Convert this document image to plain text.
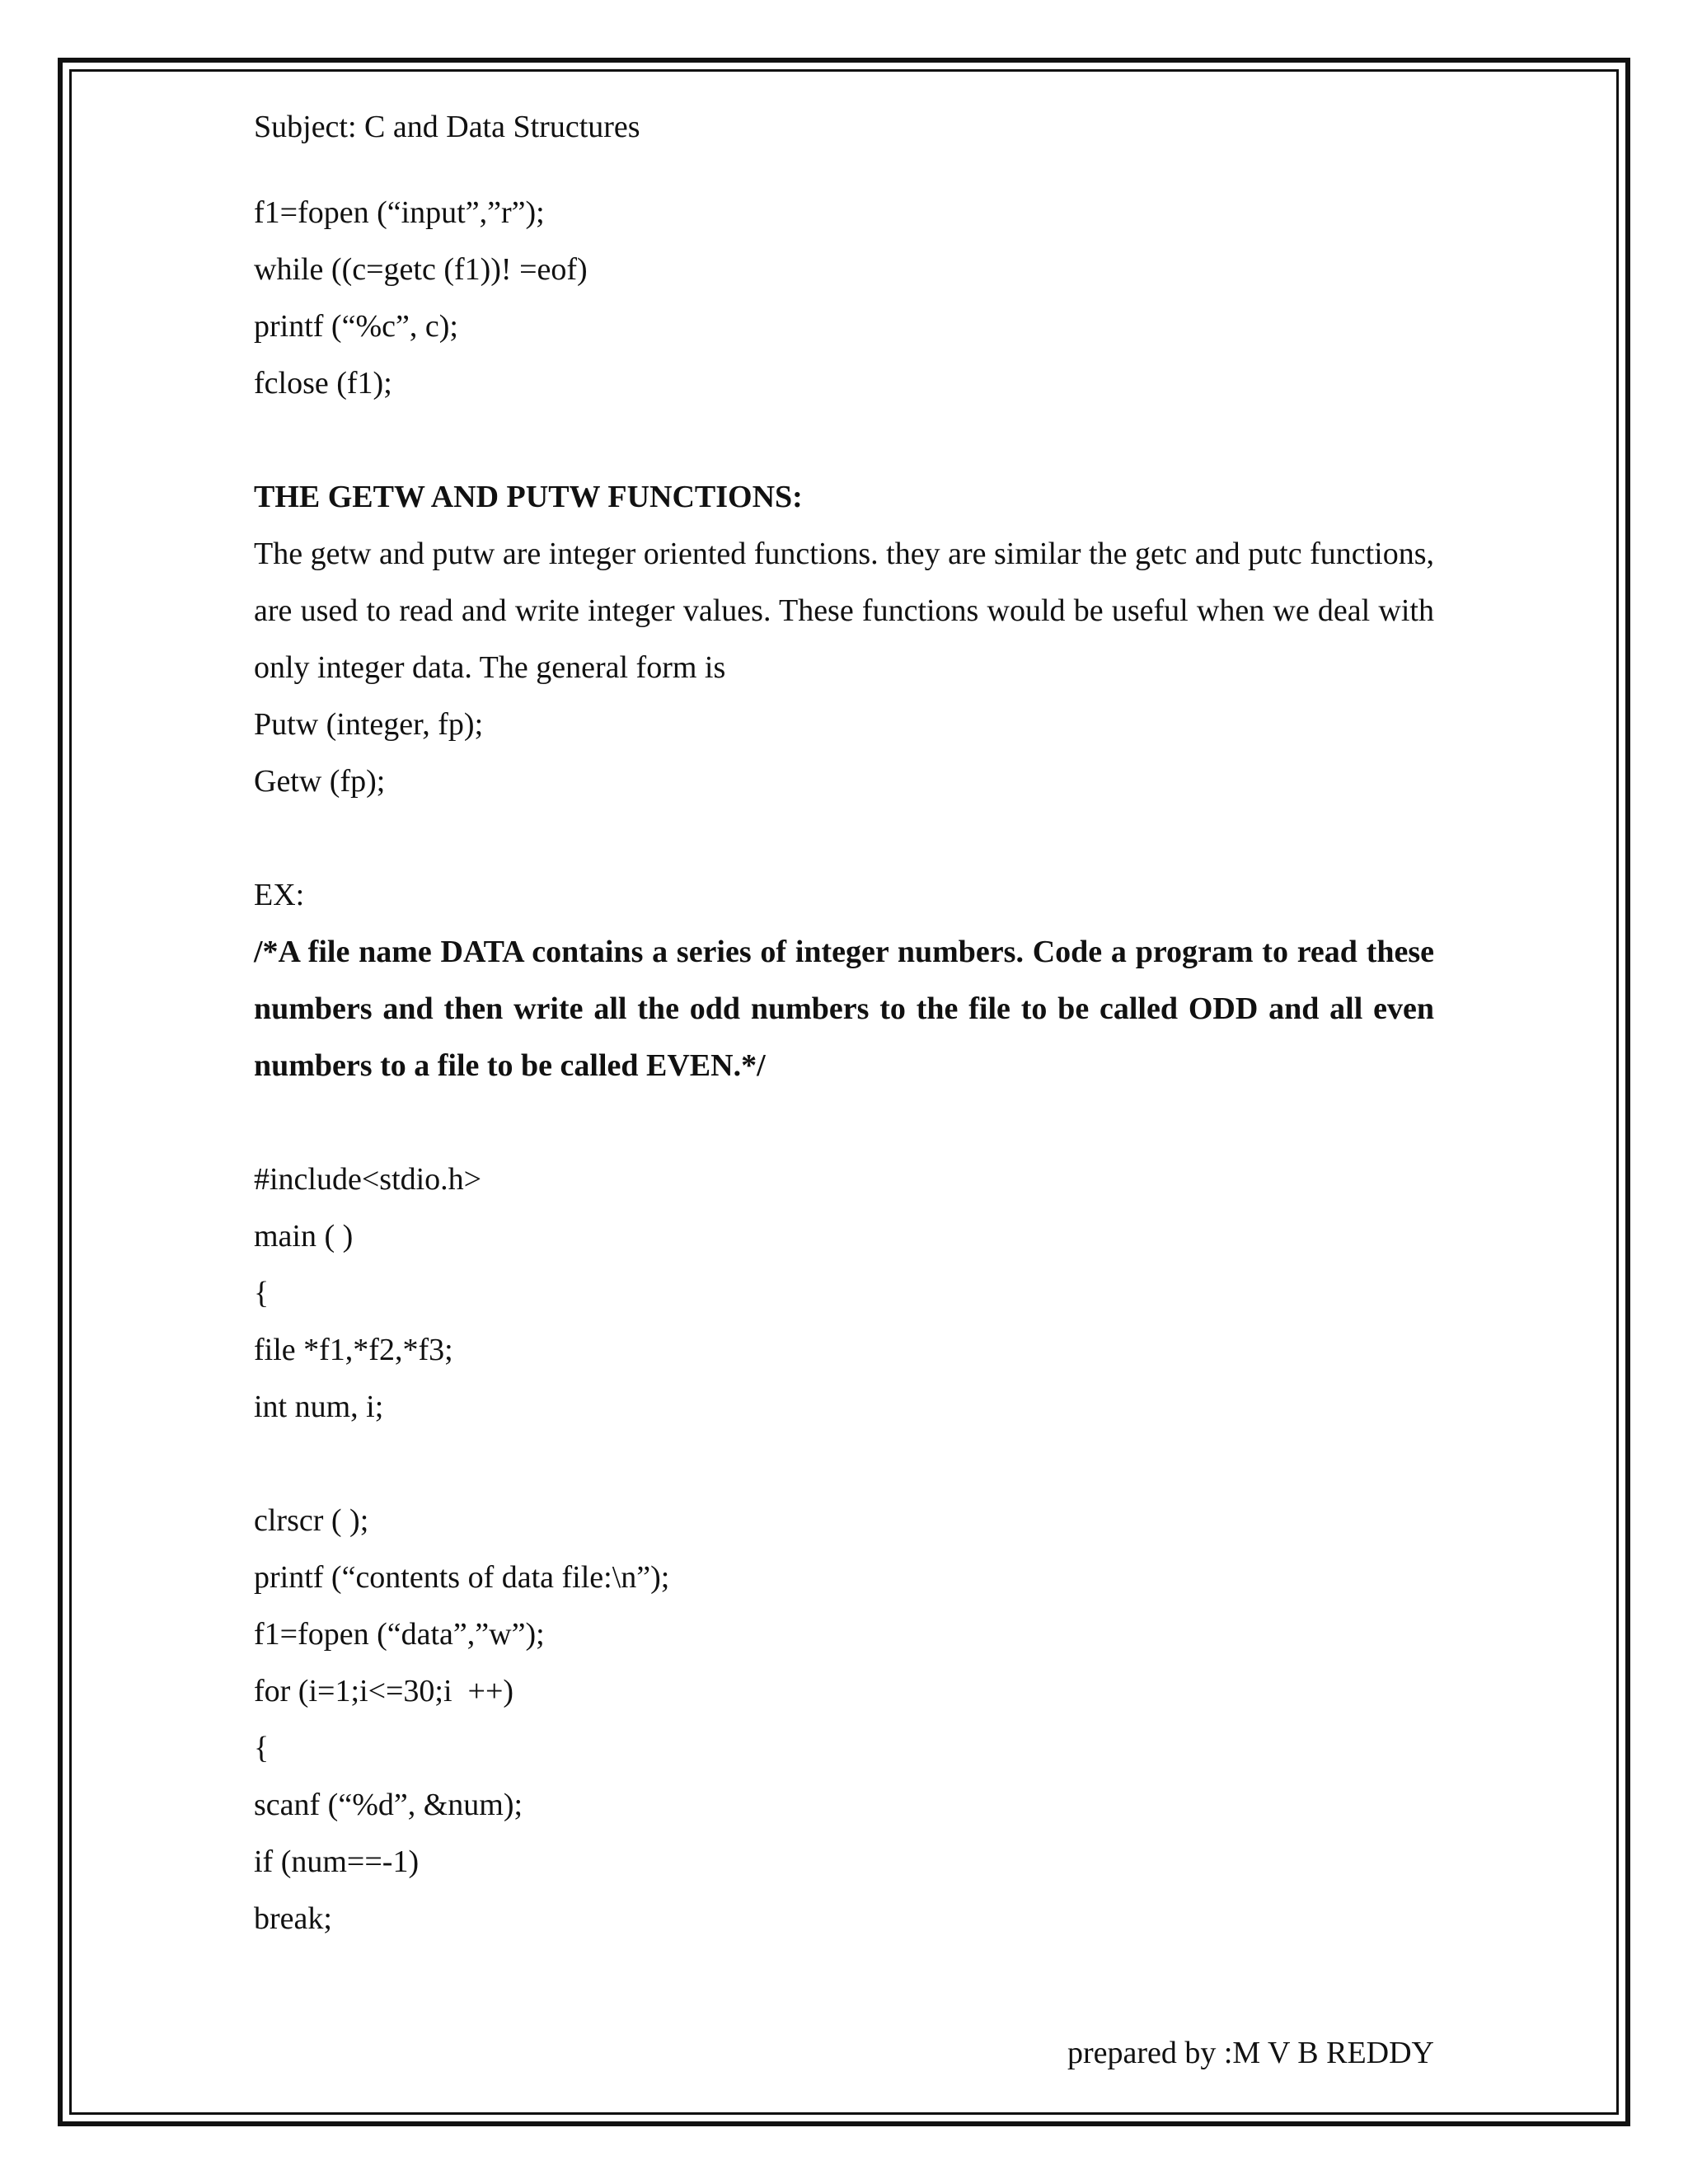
Subject: C and Data Structures

f1=fopen (“input”,”r”);

while ((c=getc (f1))! =eof)

printf (“%c”, c);

fclose (f1);

THE GETW AND PUTW FUNCTIONS:

The getw and putw are integer oriented functions. they are similar the getc and putc functions, are used to read and write integer values. These functions would be useful when we deal with only integer data. The general form is

Putw (integer, fp);

Getw (fp);

EX:

/*A file name DATA contains a series of integer numbers. Code a program to read these numbers and then write all the odd numbers to the file to be called ODD and all even numbers to a file to be called EVEN.*/

#include<stdio.h>

main ( )

{

file *f1,*f2,*f3;

int num, i;

clrscr ( );

printf (“contents of data file:\n”);

f1=fopen (“data”,”w”);

for (i=1;i<=30;i  ++)

{

scanf (“%d”, &num);

if (num==-1)

break;

prepared by :M V B REDDY
